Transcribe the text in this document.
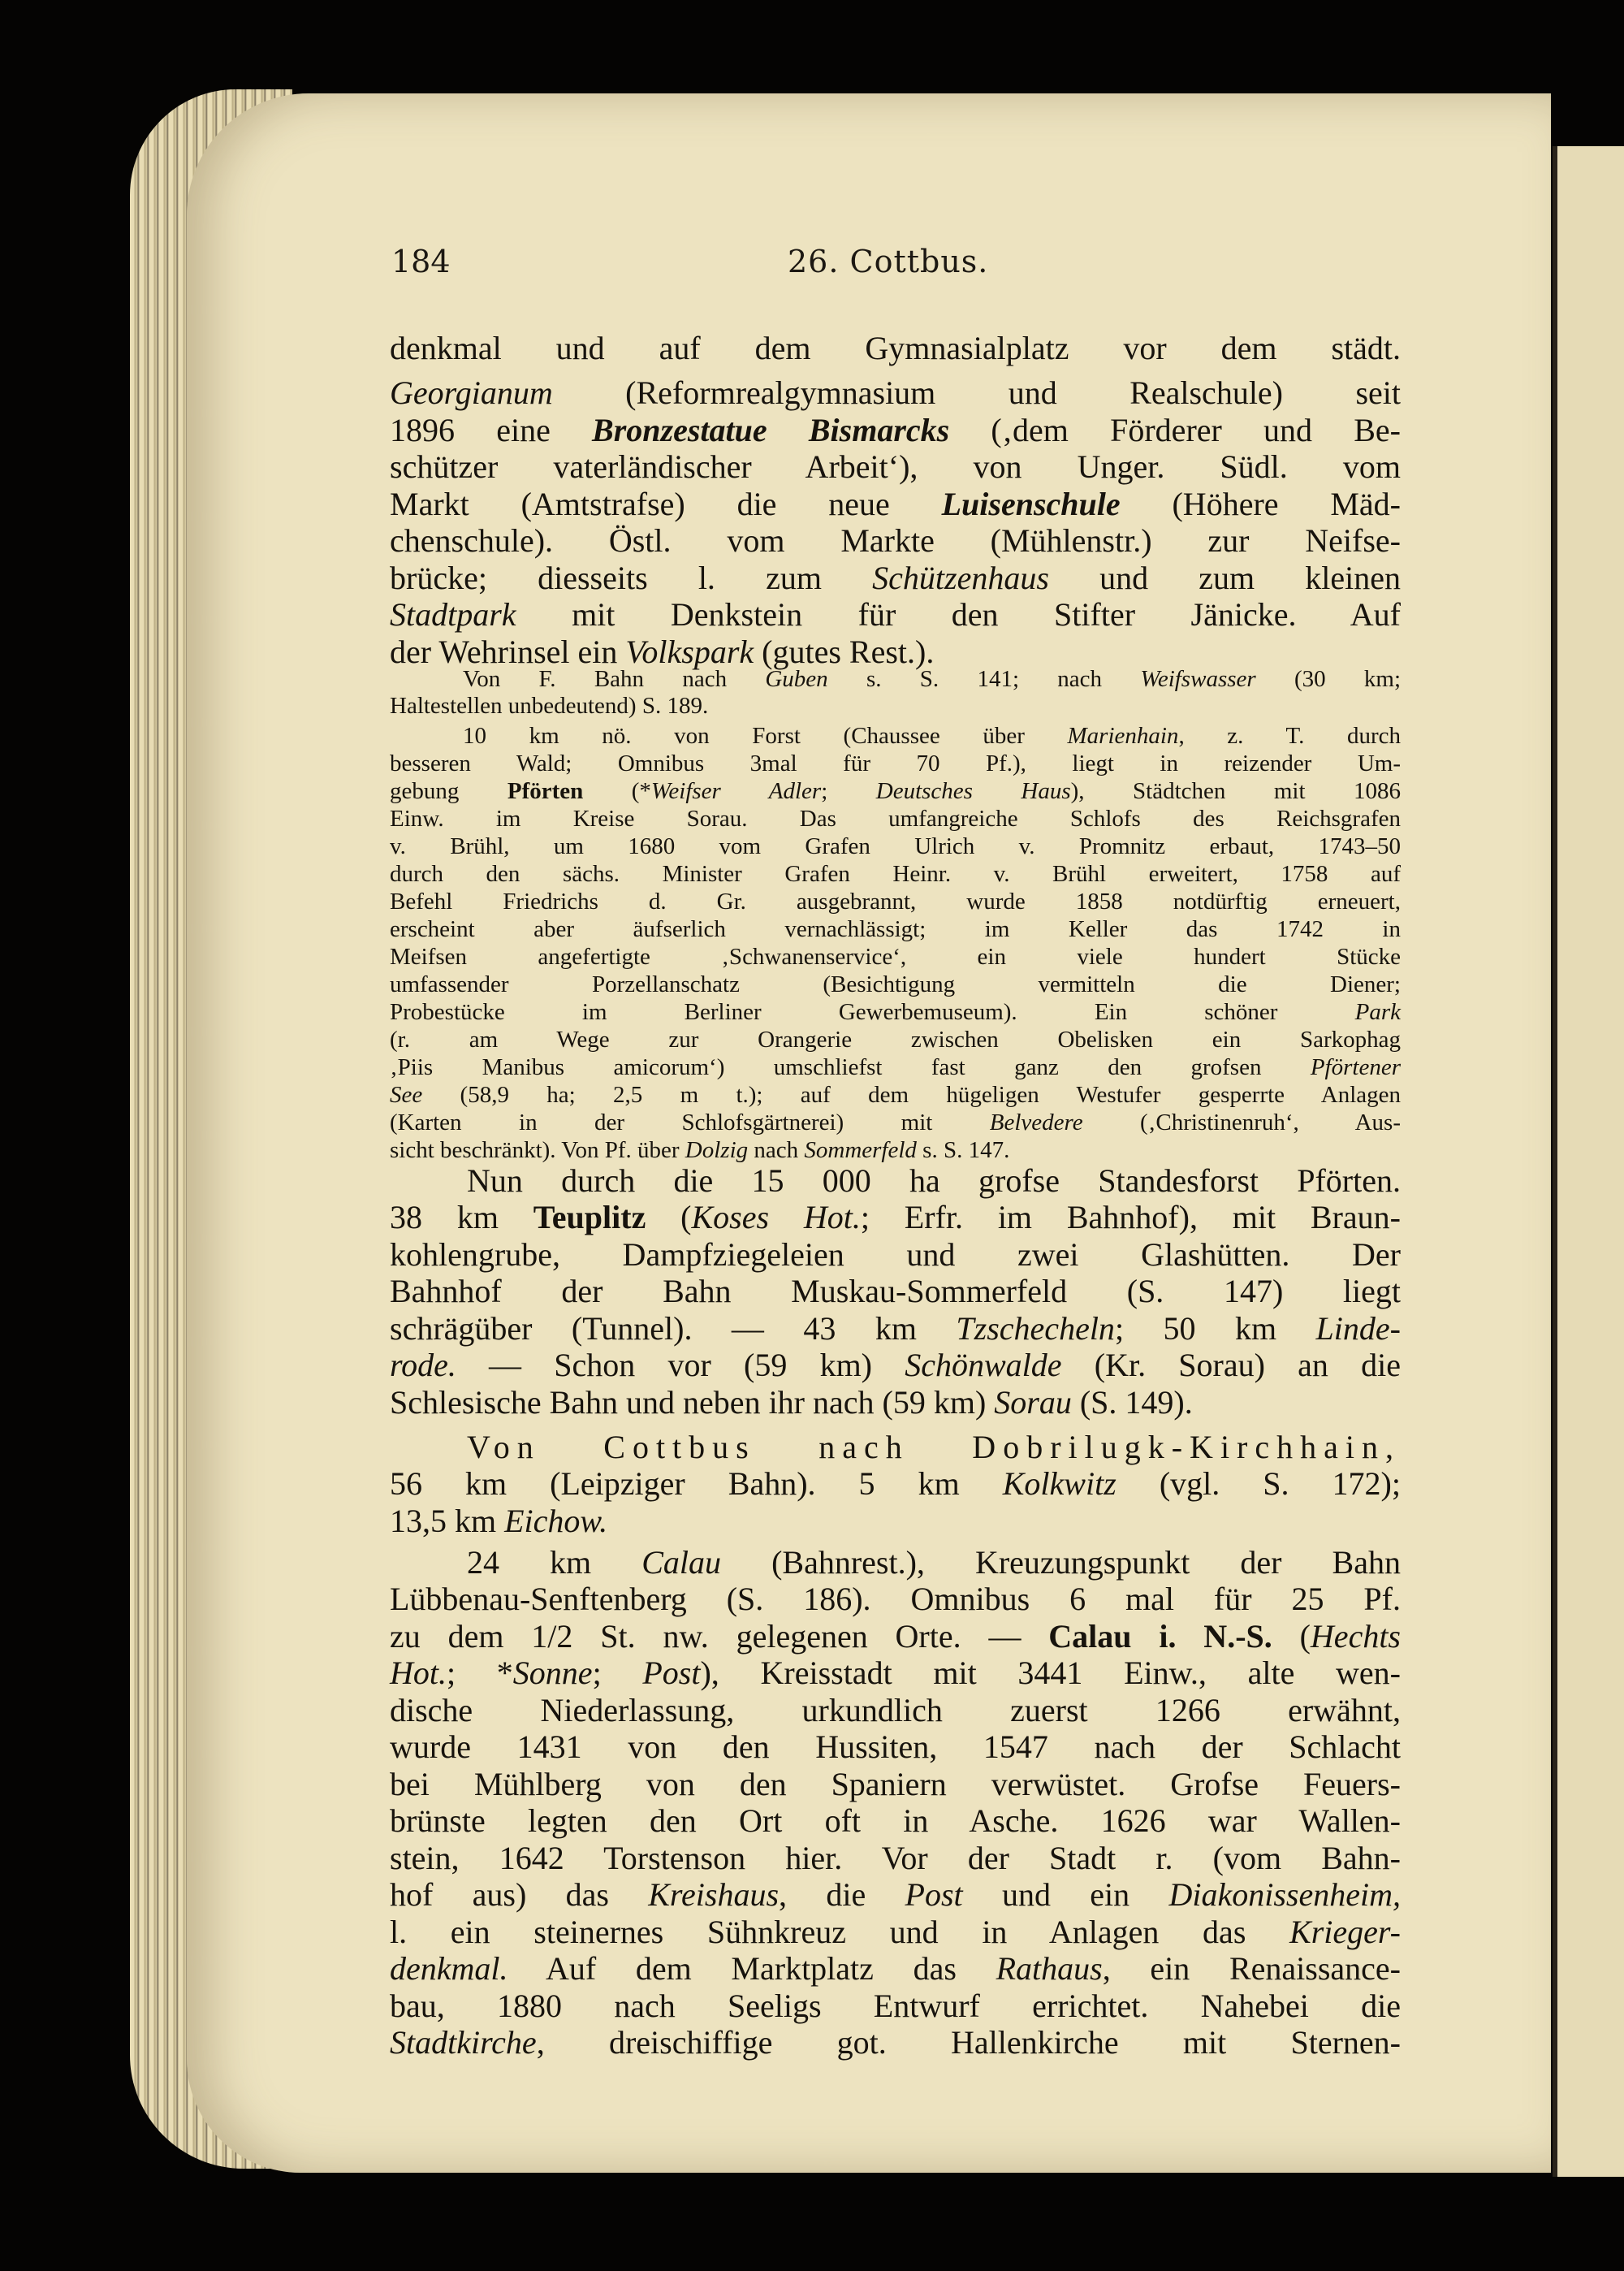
184	26. Cottbus.
denkmal und auf dem Gymnasialplatz vor dem städt.
Georgianum (Reformrealgymnasium und Realschule) seit
1896 eine Bronzestatue Bismarcks (‚dem Förderer und Be-
schützer vaterländischer Arbeit‘), von Unger. Südl. vom
Markt (Amtstrafse) die neue Luisenschule (Höhere Mäd-
chenschule). Östl. vom Markte (Mühlenstr.) zur Neifse-
brücke; diesseits l. zum Schützenhaus und zum kleinen
Stadtpark mit Denkstein für den Stifter Jänicke. Auf
der Wehrinsel ein Volkspark (gutes Rest.).
Von F. Bahn nach Guben s. S. 141; nach Weifswasser (30 km;
Haltestellen unbedeutend) S. 189.
10 km nö. von Forst (Chaussee über Marienhain, z. T. durch
besseren Wald; Omnibus 3mal für 70 Pf.), liegt in reizender Um-
gebung Pförten (*Weifser Adler; Deutsches Haus), Städtchen mit 1086
Einw. im Kreise Sorau. Das umfangreiche Schlofs des Reichsgrafen
v. Brühl, um 1680 vom Grafen Ulrich v. Promnitz erbaut, 1743–50
durch den sächs. Minister Grafen Heinr. v. Brühl erweitert, 1758 auf
Befehl Friedrichs d. Gr. ausgebrannt, wurde 1858 notdürftig erneuert,
erscheint aber äufserlich vernachlässigt; im Keller das 1742 in
Meifsen angefertigte ‚Schwanenservice‘, ein viele hundert Stücke
umfassender Porzellanschatz (Besichtigung vermitteln die Diener;
Probestücke im Berliner Gewerbemuseum). Ein schöner Park
(r. am Wege zur Orangerie zwischen Obelisken ein Sarkophag
‚Piis Manibus amicorum‘) umschliefst fast ganz den grofsen Pförtener
See (58,9 ha; 2,5 m t.); auf dem hügeligen Westufer gesperrte Anlagen
(Karten in der Schlofsgärtnerei) mit Belvedere (‚Christinenruh‘, Aus-
sicht beschränkt). Von Pf. über Dolzig nach Sommerfeld s. S. 147.
Nun durch die 15 000 ha grofse Standesforst Pförten.
38 km Teuplitz (Koses Hot.; Erfr. im Bahnhof), mit Braun-
kohlengrube, Dampfziegeleien und zwei Glashütten. Der
Bahnhof der Bahn Muskau-Sommerfeld (S. 147) liegt
schrägüber (Tunnel). — 43 km Tzschecheln; 50 km Linde-
rode. — Schon vor (59 km) Schönwalde (Kr. Sorau) an die
Schlesische Bahn und neben ihr nach (59 km) Sorau (S. 149).
Von Cottbus nach Dobrilugk-Kirchhain,
56 km (Leipziger Bahn). 5 km Kolkwitz (vgl. S. 172);
13,5 km Eichow.
24 km Calau (Bahnrest.), Kreuzungspunkt der Bahn
Lübbenau-Senftenberg (S. 186). Omnibus 6 mal für 25 Pf.
zu dem 1/2 St. nw. gelegenen Orte. — Calau i. N.-S. (Hechts
Hot.; *Sonne; Post), Kreisstadt mit 3441 Einw., alte wen-
dische Niederlassung, urkundlich zuerst 1266 erwähnt,
wurde 1431 von den Hussiten, 1547 nach der Schlacht
bei Mühlberg von den Spaniern verwüstet. Grofse Feuers-
brünste legten den Ort oft in Asche. 1626 war Wallen-
stein, 1642 Torstenson hier. Vor der Stadt r. (vom Bahn-
hof aus) das Kreishaus, die Post und ein Diakonissenheim,
l. ein steinernes Sühnkreuz und in Anlagen das Krieger-
denkmal. Auf dem Marktplatz das Rathaus, ein Renaissance-
bau, 1880 nach Seeligs Entwurf errichtet. Nahebei die
Stadtkirche, dreischiffige got. Hallenkirche mit Sternen-
